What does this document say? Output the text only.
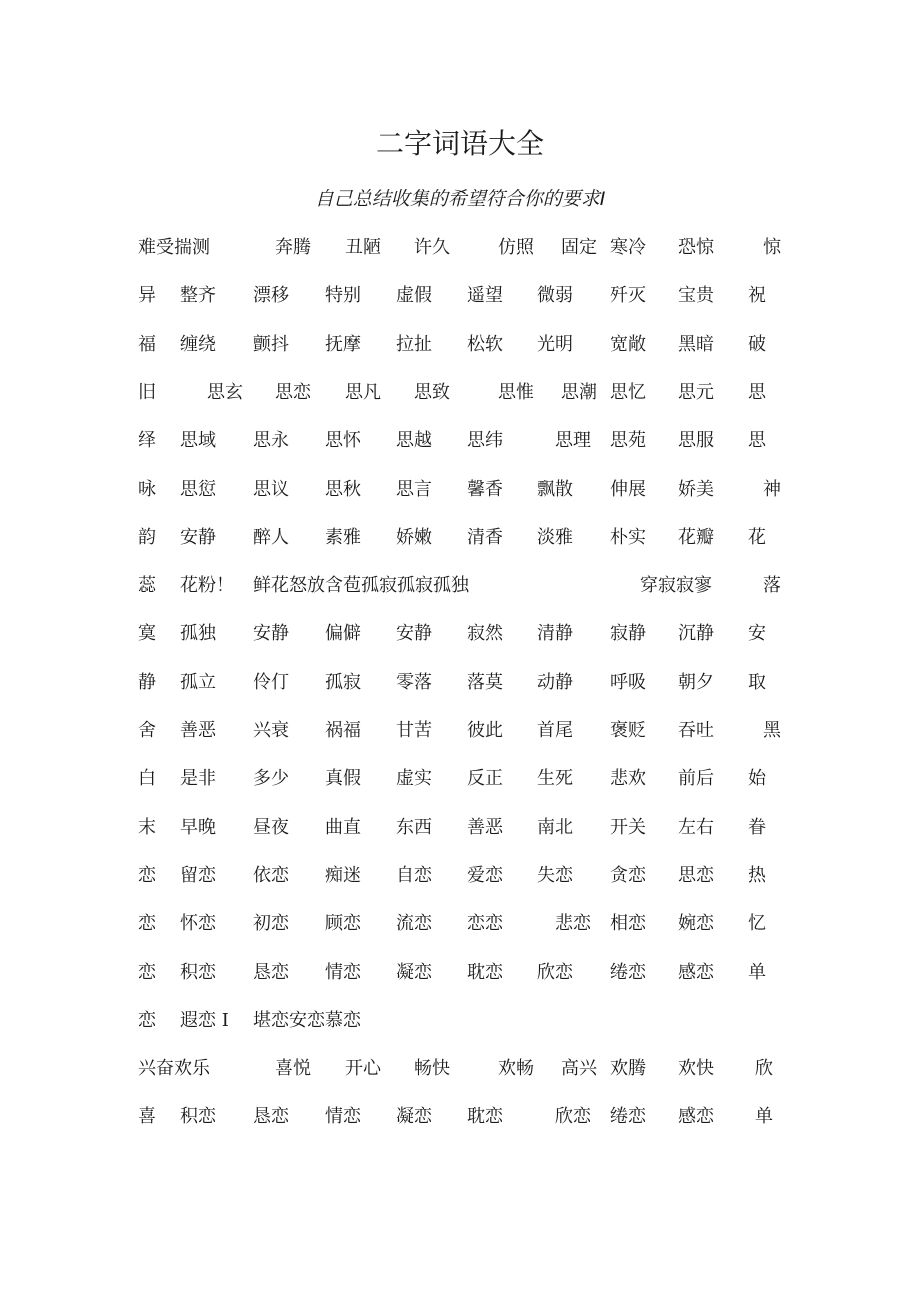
二字词语大全
自己总结收集的希望符合你的要求I
难受揣测	奔腾 丑陋 许久	仿照 固定 寒冷 恐惊	惊
异 整齐 漂移 特别 虚假 遥望 微弱 歼灭 宝贵 祝
福 缠绕 颤抖 抚摩 拉扯 松软 光明 宽敞 黑暗 破
旧	思玄 思恋 思凡 思致	思惟 思潮 思忆 思元 思
绎 思域 思永 思怀 思越 思纬	思理 思苑 思服 思
咏 思愆 思议 思秋 思言 馨香 飘散 伸展 娇美	神
韵 安静 醉人 素雅 娇嫩 清香 淡雅 朴实 花瓣 花
蕊 花粉！ 鲜花怒放含苞孤寂孤寂孤独	穿寂寂寥	落
寞 孤独 安静 偏僻 安静 寂然 清静 寂静 沉静 安
静 孤立 伶仃 孤寂 零落 落莫 动静 呼吸 朝夕 取
舍 善恶 兴衰 祸福 甘苦 彼此 首尾 褒贬 吞吐	黑
白 是非 多少 真假 虚实 反正 生死 悲欢 前后 始
末 早晚 昼夜 曲直 东西 善恶 南北 开关 左右 眷
恋 留恋 依恋 痴迷 自恋 爱恋 失恋 贪恋 思恋 热
恋 怀恋 初恋 顾恋 流恋 恋恋	悲恋 相恋 婉恋 忆
恋 积恋 恳恋 情恋 凝恋 耽恋 欣恋 绻恋 感恋 单
恋 遐恋 I 堪恋安恋慕恋
兴奋欢乐	喜悦 开心 畅快	欢畅 高兴 欢腾 欢快 欣
喜 积恋 恳恋 情恋 凝恋 耽恋	欣恋 绻恋 感恋 单
